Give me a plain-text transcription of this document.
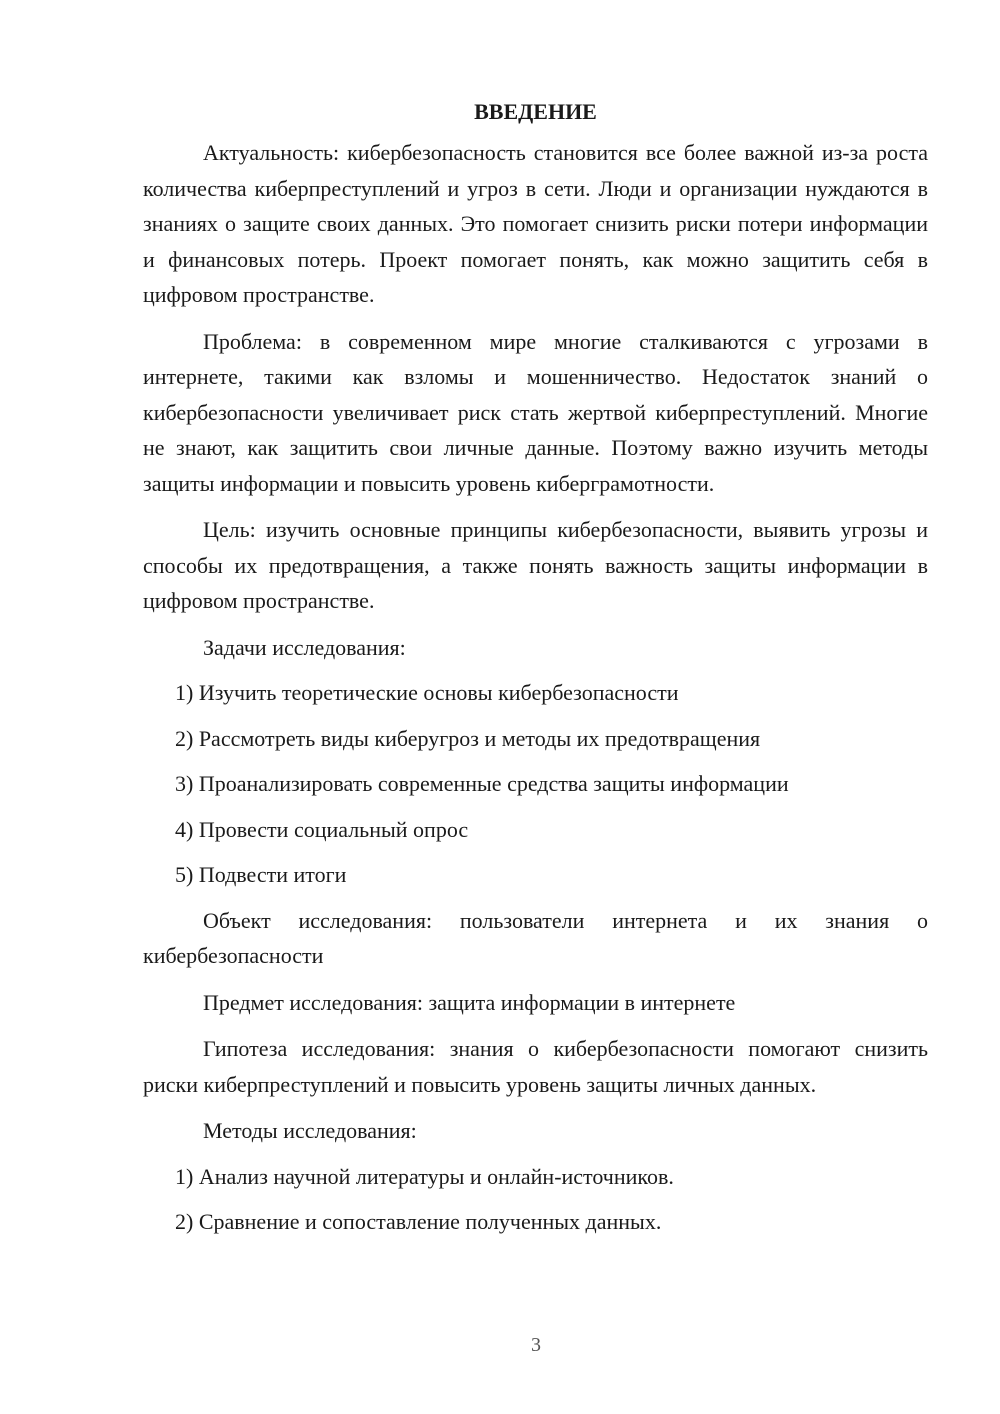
ВВЕДЕНИЕ

Актуальность: кибербезопасность становится все более важной из-за роста количества киберпреступлений и угроз в сети. Люди и организации нуждаются в знаниях о защите своих данных. Это помогает снизить риски потери информации и финансовых потерь. Проект помогает понять, как можно защитить себя в цифровом пространстве.

Проблема: в современном мире многие сталкиваются с угрозами в интернете, такими как взломы и мошенничество. Недостаток знаний о кибербезопасности увеличивает риск стать жертвой киберпреступлений. Многие не знают, как защитить свои личные данные. Поэтому важно изучить методы защиты информации и повысить уровень киберграмотности.

Цель: изучить основные принципы кибербезопасности, выявить угрозы и способы их предотвращения, а также понять важность защиты информации в цифровом пространстве.

Задачи исследования:

1) Изучить теоретические основы кибербезопасности
2) Рассмотреть виды киберугроз и методы их предотвращения
3) Проанализировать современные средства защиты информации
4) Провести социальный опрос
5) Подвести итоги

Объект исследования: пользователи интернета и их знания о кибербезопасности

Предмет исследования: защита информации в интернете

Гипотеза исследования: знания о кибербезопасности помогают снизить риски киберпреступлений и повысить уровень защиты личных данных.

Методы исследования:

1) Анализ научной литературы и онлайн-источников.
2) Сравнение и сопоставление полученных данных.
3
